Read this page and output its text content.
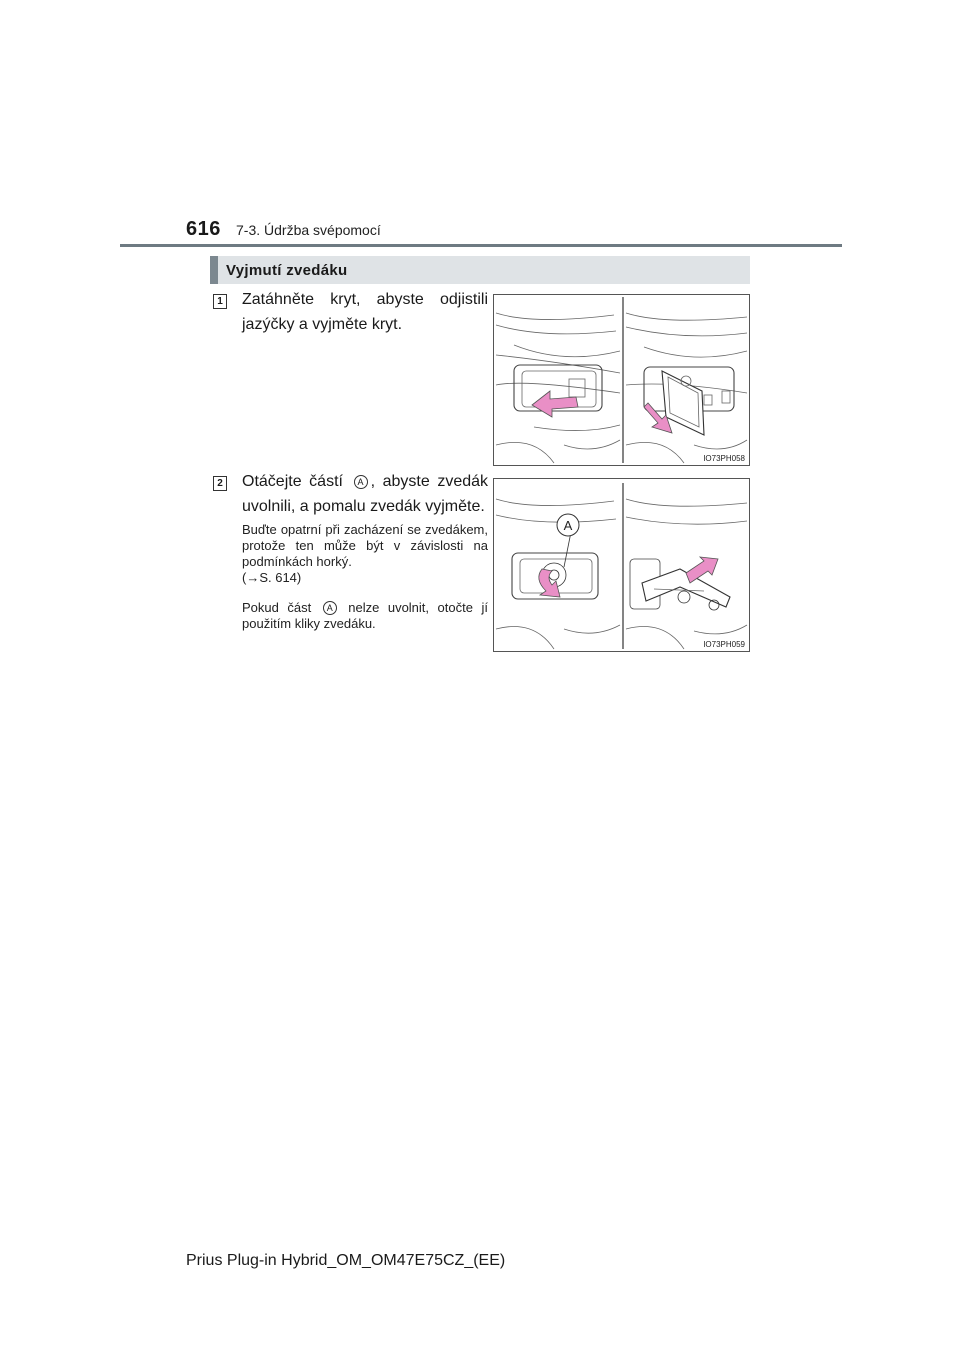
616 7-3. Údržba svépomocí
Vyjmutí zvedáku
1 Zatáhněte kryt, abyste odjistili jazýčky a vyjměte kryt.
IO73PH058
2 Otáčejte částí A , abyste zvedák uvolnili, a pomalu zvedák vyjměte.
Buďte opatrní při zacházení se zvedákem, protože ten může být v závislosti na podmínkách horký.
(→S. 614)
Pokud část A nelze uvolnit, otočte jí použitím kliky zvedáku.
A
IO73PH059
Prius Plug-in Hybrid_OM_OM47E75CZ_(EE)
